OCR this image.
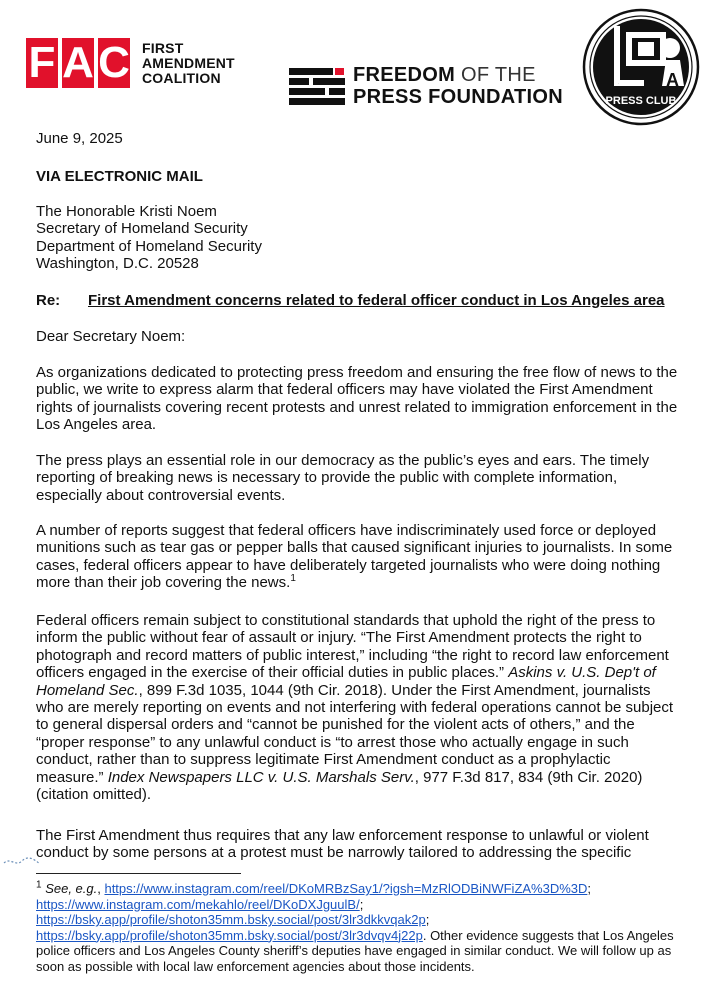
F A C FIRST
AMENDMENT
COALITION	FREEDOM OF THE
PRESS FOUNDATION
L	A
PRESS CLUB

June 9, 2025

VIA ELECTRONIC MAIL

The Honorable Kristi Noem
Secretary of Homeland Security
Department of Homeland Security
Washington, D.C. 20528

Re: First Amendment concerns related to federal officer conduct in Los Angeles area

Dear Secretary Noem:

As organizations dedicated to protecting press freedom and ensuring the free flow of news to the public, we write to express alarm that federal officers may have violated the First Amendment rights of journalists covering recent protests and unrest related to immigration enforcement in the Los Angeles area.

The press plays an essential role in our democracy as the public’s eyes and ears. The timely reporting of breaking news is necessary to provide the public with complete information, especially about controversial events.

A number of reports suggest that federal officers have indiscriminately used force or deployed munitions such as tear gas or pepper balls that caused significant injuries to journalists. In some cases, federal officers appear to have deliberately targeted journalists who were doing nothing more than their job covering the news.$^1$

Federal officers remain subject to constitutional standards that uphold the right of the press to inform the public without fear of assault or injury. “The First Amendment protects the right to photograph and record matters of public interest,” including “the right to record law enforcement officers engaged in the exercise of their official duties in public places.” Askins v. U.S. Dep't of Homeland Sec., 899 F.3d 1035, 1044 (9th Cir. 2018). Under the First Amendment, journalists who are merely reporting on events and not interfering with federal operations cannot be subject to general dispersal orders and “cannot be punished for the violent acts of others,” and the “proper response” to any unlawful conduct is “to arrest those who actually engage in such conduct, rather than to suppress legitimate First Amendment conduct as a prophylactic measure.” Index Newspapers LLC v. U.S. Marshals Serv., 977 F.3d 817, 834 (9th Cir. 2020) (citation omitted).

The First Amendment thus requires that any law enforcement response to unlawful or violent conduct by some persons at a protest must be narrowly tailored to addressing the specific

$^1$ See, e.g., https://www.instagram.com/reel/DKoMRBzSay1/?igsh=MzRlODBiNWFiZA%3D%3D; https://www.instagram.com/mekahlo/reel/DKoDXJguulB/; https://bsky.app/profile/shoton35mm.bsky.social/post/3lr3dkkvqak2p; https://bsky.app/profile/shoton35mm.bsky.social/post/3lr3dvqv4j22p. Other evidence suggests that Los Angeles police officers and Los Angeles County sheriff’s deputies have engaged in similar conduct. We will follow up as soon as possible with local law enforcement agencies about those incidents.
